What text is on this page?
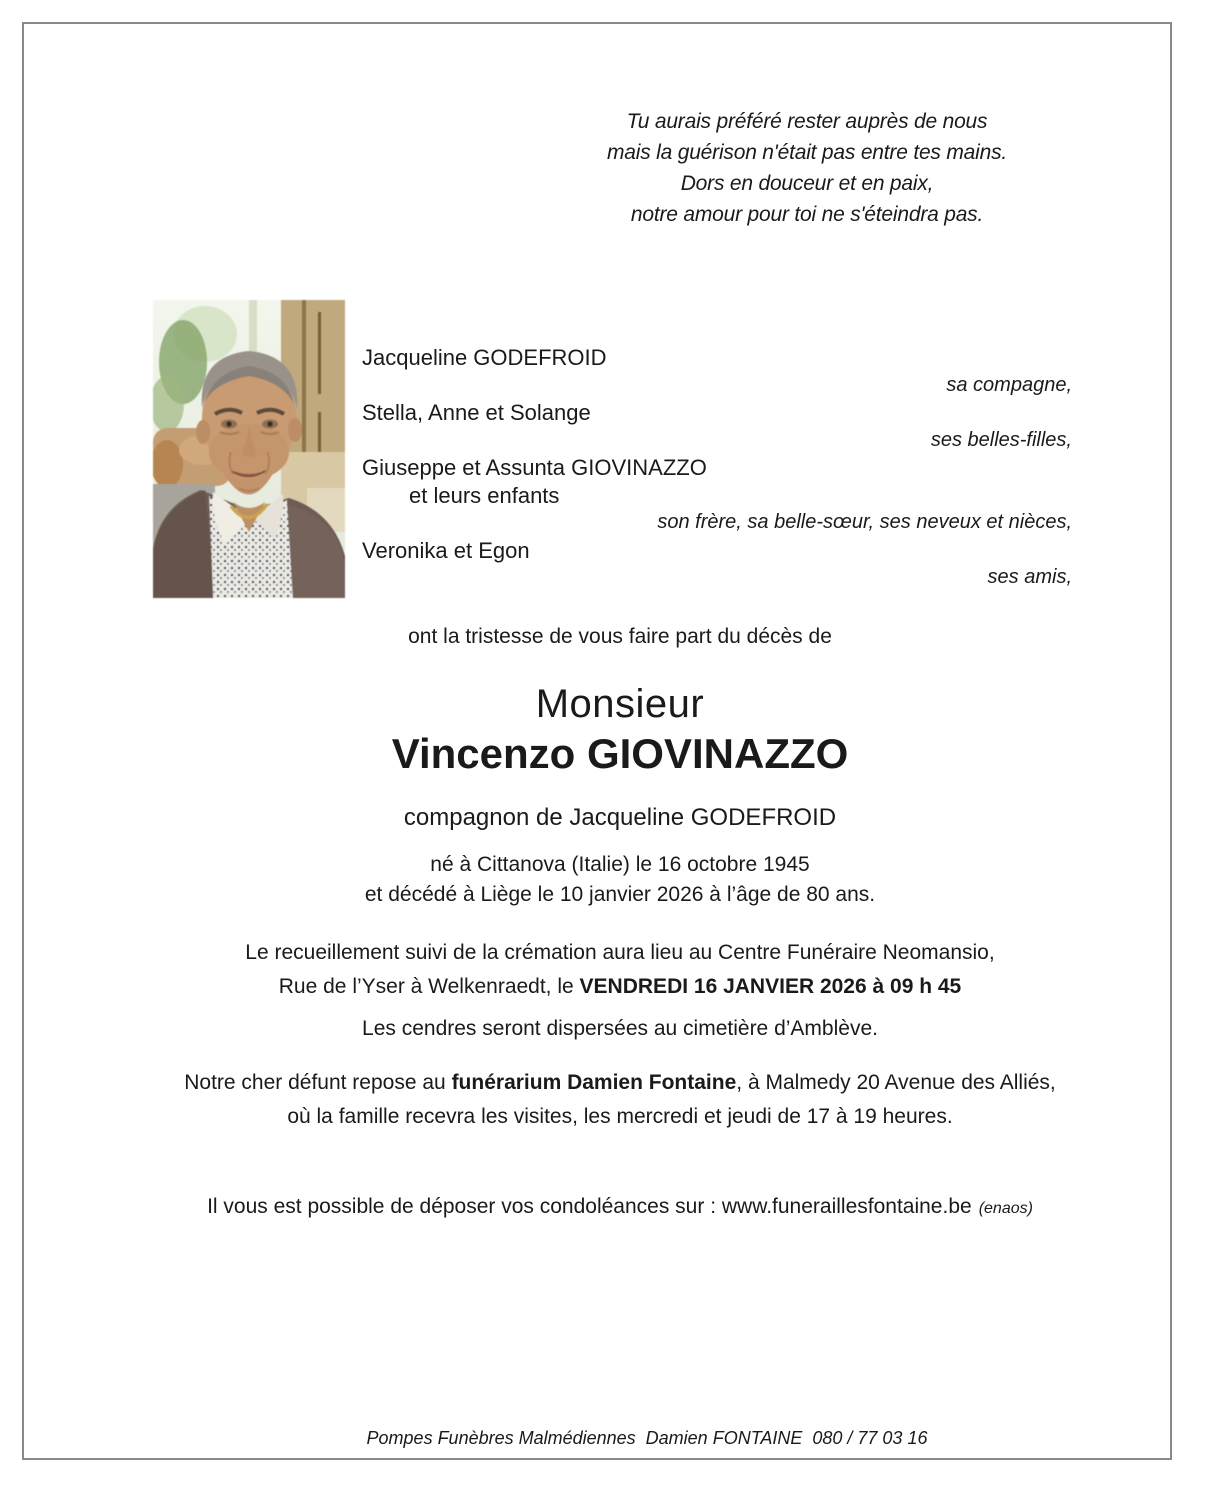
Tu aurais préféré rester auprès de nous
mais la guérison n'était pas entre tes mains.
Dors en douceur et en paix,
notre amour pour toi ne s'éteindra pas.
Jacqueline GODEFROID
sa compagne,
Stella, Anne et Solange
ses belles-filles,
Giuseppe et Assunta GIOVINAZZO
et leurs enfants
son frère, sa belle-sœur, ses neveux et nièces,
Veronika et Egon
ses amis,
ont la tristesse de vous faire part du décès de
Monsieur
Vincenzo GIOVINAZZO
compagnon de Jacqueline GODEFROID
né à Cittanova (Italie) le 16 octobre 1945
et décédé à Liège le 10 janvier 2026 à l’âge de 80 ans.
Le recueillement suivi de la crémation aura lieu au Centre Funéraire Neomansio,
Rue de l’Yser à Welkenraedt, le VENDREDI 16 JANVIER 2026 à 09 h 45
Les cendres seront dispersées au cimetière d’Amblève.
Notre cher défunt repose au funérarium Damien Fontaine, à Malmedy 20 Avenue des Alliés,
où la famille recevra les visites, les mercredi et jeudi de 17 à 19 heures.
Il vous est possible de déposer vos condoléances sur : www.funeraillesfontaine.be (enaos)
Pompes Funèbres Malmédiennes  Damien FONTAINE  080 / 77 03 16
